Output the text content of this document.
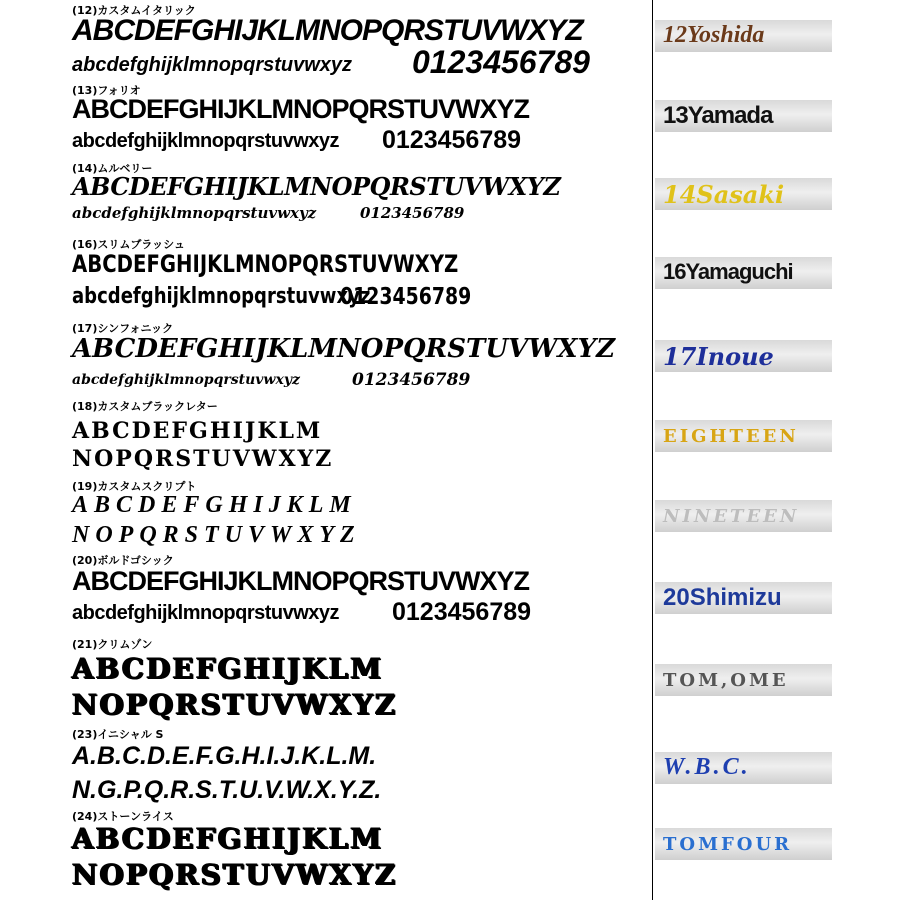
(12)カスタムイタリック
ABCDEFGHIJKLMNOPQRSTUVWXYZ
abcdefghijklmnopqrstuvwxyz 0123456789
(13)フォリオ
ABCDEFGHIJKLMNOPQRSTUVWXYZ
abcdefghijklmnopqrstuvwxyz 0123456789
(14)ムルベリー
ABCDEFGHIJKLMNOPQRSTUVWXYZ
abcdefghijklmnopqrstuvwxyz	0123456789
(16)スリムブラッシュ
ABCDEFGHIJKLMNOPQRSTUVWXYZ
abcdefghijklmnopqrstuvwxyz
0123456789
(17)シンフォニック
ABCDEFGHIJKLMNOPQRSTUVWXYZ
abcdefghijklmnopqrstuvwxyz	0123456789
(18)カスタムブラックレター
ABCDEFGHIJKLM
NOPQRSTUVWXYZ
(19)カスタムスクリプト
ABCDEFGHIJKLM
NOPQRSTUVWXYZ
(20)ボルドゴシック
ABCDEFGHIJKLMNOPQRSTUVWXYZ
abcdefghijklmnopqrstuvwxyz 0123456789
(21)クリムゾン
ABCDEFGHIJKLM
NOPQRSTUVWXYZ
(23)イニシャル S
A.B.C.D.E.F.G.H.I.J.K.L.M.
N.G.P.Q.R.S.T.U.V.W.X.Y.Z.
(24)ストーンライス
ABCDEFGHIJKLM
NOPQRSTUVWXYZ
12Yoshida
13Yamada
14Sasaki
16Yamaguchi
17Inoue
EIGHTEEN
NINETEEN
20Shimizu
TOM,OME
W.B.C.
TOMFOUR
